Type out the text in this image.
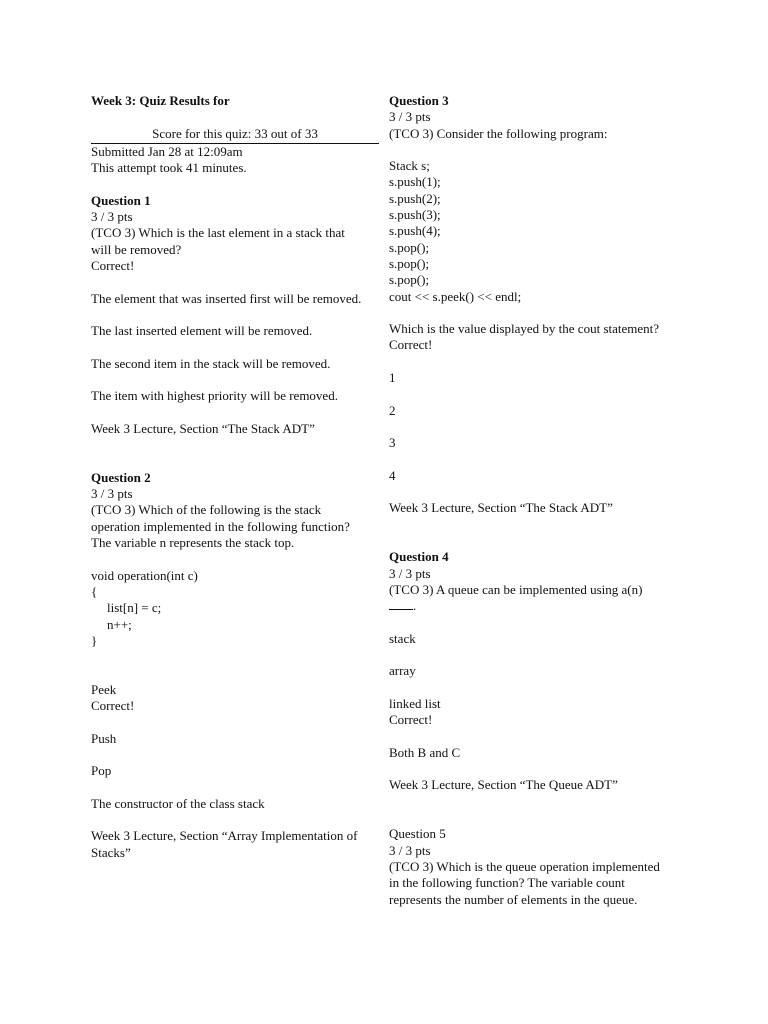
Week 3: Quiz Results for
Score for this quiz: 33 out of 33
Submitted Jan 28 at 12:09am
This attempt took 41 minutes.
Question 1
3 / 3 pts
(TCO 3) Which is the last element in a stack that
will be removed?
Correct!
The element that was inserted first will be removed.
The last inserted element will be removed.
The second item in the stack will be removed.
The item with highest priority will be removed.
Week 3 Lecture, Section “The Stack ADT”
Question 2
3 / 3 pts
(TCO 3) Which of the following is the stack
operation implemented in the following function?
The variable n represents the stack top.
void operation(int c)
{
list[n] = c;
n++;
}
Peek
Correct!
Push
Pop
The constructor of the class stack
Week 3 Lecture, Section “Array Implementation of
Stacks”
Question 3
3 / 3 pts
(TCO 3) Consider the following program:
Stack s;
s.push(1);
s.push(2);
s.push(3);
s.push(4);
s.pop();
s.pop();
s.pop();
cout << s.peek() << endl;
Which is the value displayed by the cout statement?
Correct!
1
2
3
4
Week 3 Lecture, Section “The Stack ADT”
Question 4
3 / 3 pts
(TCO 3) A queue can be implemented using a(n)
.
stack
array
linked list
Correct!
Both B and C
Week 3 Lecture, Section “The Queue ADT”
Question 5
3 / 3 pts
(TCO 3) Which is the queue operation implemented
in the following function? The variable count
represents the number of elements in the queue.
